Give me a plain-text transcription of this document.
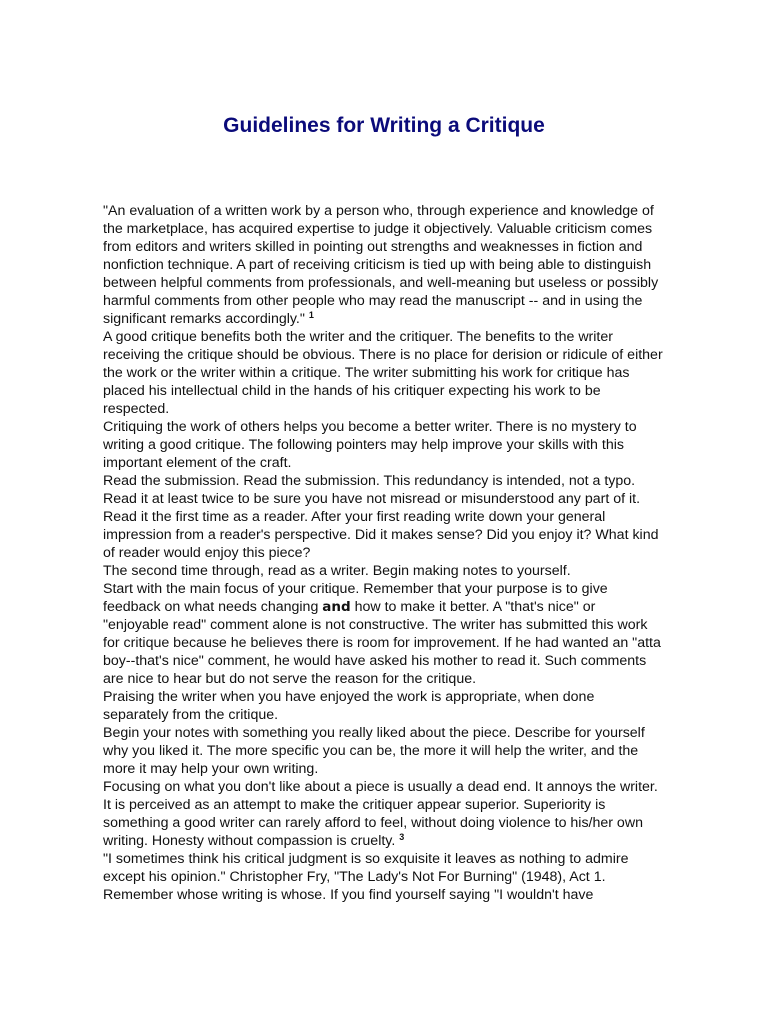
Guidelines for Writing a Critique

"An evaluation of a written work by a person who, through experience and knowledge of the marketplace, has acquired expertise to judge it objectively. Valuable criticism comes from editors and writers skilled in pointing out strengths and weaknesses in fiction and nonfiction technique. A part of receiving criticism is tied up with being able to distinguish between helpful comments from professionals, and well-meaning but useless or possibly harmful comments from other people who may read the manuscript -- and in using the significant remarks accordingly." $^1$

A good critique benefits both the writer and the critiquer. The benefits to the writer receiving the critique should be obvious. There is no place for derision or ridicule of either the work or the writer within a critique. The writer submitting his work for critique has placed his intellectual child in the hands of his critiquer expecting his work to be respected.

Critiquing the work of others helps you become a better writer. There is no mystery to writing a good critique. The following pointers may help improve your skills with this important element of the craft.

Read the submission. Read the submission. This redundancy is intended, not a typo. Read it at least twice to be sure you have not misread or misunderstood any part of it.

Read it the first time as a reader. After your first reading write down your general impression from a reader's perspective. Did it makes sense? Did you enjoy it? What kind of reader would enjoy this piece?

The second time through, read as a writer. Begin making notes to yourself.

Start with the main focus of your critique. Remember that your purpose is to give feedback on what needs changing and how to make it better. A "that's nice" or "enjoyable read" comment alone is not constructive. The writer has submitted this work for critique because he believes there is room for improvement. If he had wanted an "atta boy--that's nice" comment, he would have asked his mother to read it. Such comments are nice to hear but do not serve the reason for the critique.

Praising the writer when you have enjoyed the work is appropriate, when done separately from the critique.

Begin your notes with something you really liked about the piece. Describe for yourself why you liked it. The more specific you can be, the more it will help the writer, and the more it may help your own writing.

Focusing on what you don't like about a piece is usually a dead end. It annoys the writer. It is perceived as an attempt to make the critiquer appear superior. Superiority is something a good writer can rarely afford to feel, without doing violence to his/her own writing. Honesty without compassion is cruelty. $^3$

"I sometimes think his critical judgment is so exquisite it leaves as nothing to admire except his opinion." Christopher Fry, "The Lady's Not For Burning" (1948), Act 1.

Remember whose writing is whose. If you find yourself saying "I wouldn't have
